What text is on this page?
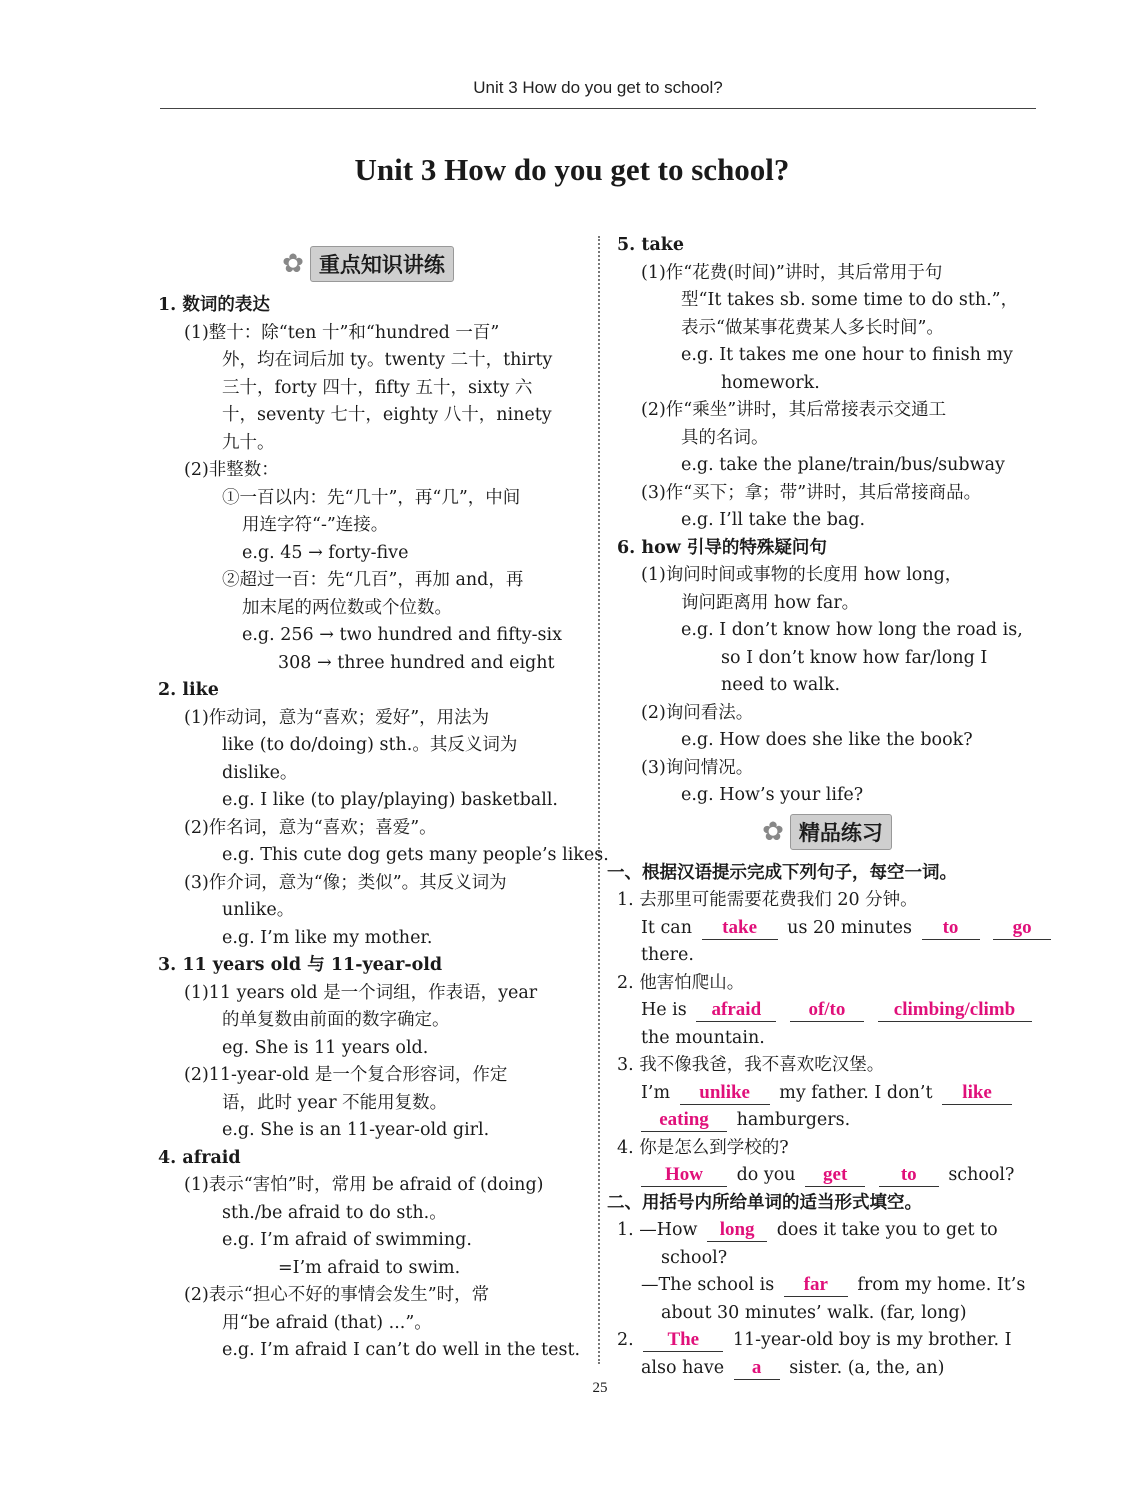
Unit 3 How do you get to school?
Unit 3 How do you get to school?
✿ 重点知识讲练
1. 数词的表达
(1)整十：除“ten 十”和“hundred 一百”
外，均在词后加 ty。twenty 二十，thirty
三十，forty 四十，fifty 五十，sixty 六
十，seventy 七十，eighty 八十，ninety
九十。
(2)非整数：
①一百以内：先“几十”，再“几”，中间
用连字符“-”连接。
e.g. 45 → forty-five
②超过一百：先“几百”，再加 and，再
加末尾的两位数或个位数。
e.g. 256 → two hundred and fifty-six
308 → three hundred and eight
2. like
(1)作动词，意为“喜欢；爱好”，用法为
like (to do/doing) sth.。其反义词为
dislike。
e.g. I like (to play/playing) basketball.
(2)作名词，意为“喜欢；喜爱”。
e.g. This cute dog gets many people’s likes.
(3)作介词，意为“像；类似”。其反义词为
unlike。
e.g. I’m like my mother.
3. 11 years old 与 11-year-old
(1)11 years old 是一个词组，作表语，year
的单复数由前面的数字确定。
eg. She is 11 years old.
(2)11-year-old 是一个复合形容词，作定
语，此时 year 不能用复数。
e.g. She is an 11-year-old girl.
4. afraid
(1)表示“害怕”时，常用 be afraid of (doing)
sth./be afraid to do sth.。
e.g. I’m afraid of swimming.
=I’m afraid to swim.
(2)表示“担心不好的事情会发生”时，常
用“be afraid (that) ...”。
e.g. I’m afraid I can’t do well in the test.
5. take
(1)作“花费(时间)”讲时，其后常用于句
型“It takes sb. some time to do sth.”，
表示“做某事花费某人多长时间”。
e.g. It takes me one hour to finish my
homework.
(2)作“乘坐”讲时，其后常接表示交通工
具的名词。
e.g. take the plane/train/bus/subway
(3)作“买下；拿；带”讲时，其后常接商品。
e.g. I’ll take the bag.
6. how 引导的特殊疑问句
(1)询问时间或事物的长度用 how long，
询问距离用 how far。
e.g. I don’t know how long the road is,
so I don’t know how far/long I
need to walk.
(2)询问看法。
e.g. How does she like the book?
(3)询问情况。
e.g. How’s your life?
✿ 精品练习
一、根据汉语提示完成下列句子，每空一词。
1. 去那里可能需要花费我们 20 分钟。
It can take us 20 minutes to	go
there.
2. 他害怕爬山。
He is afraid of/to	climbing/climb
the mountain.
3. 我不像我爸，我不喜欢吃汉堡。
I’m unlike my father. I don’t like
eating hamburgers.
4. 你是怎么到学校的?
How do you get	to school?
二、用括号内所给单词的适当形式填空。
1. —How long does it take you to get to
school?
—The school is far from my home. It’s
about 30 minutes’ walk. (far, long)
2. The 11-year-old boy is my brother. I
also have a sister. (a, the, an)
25
